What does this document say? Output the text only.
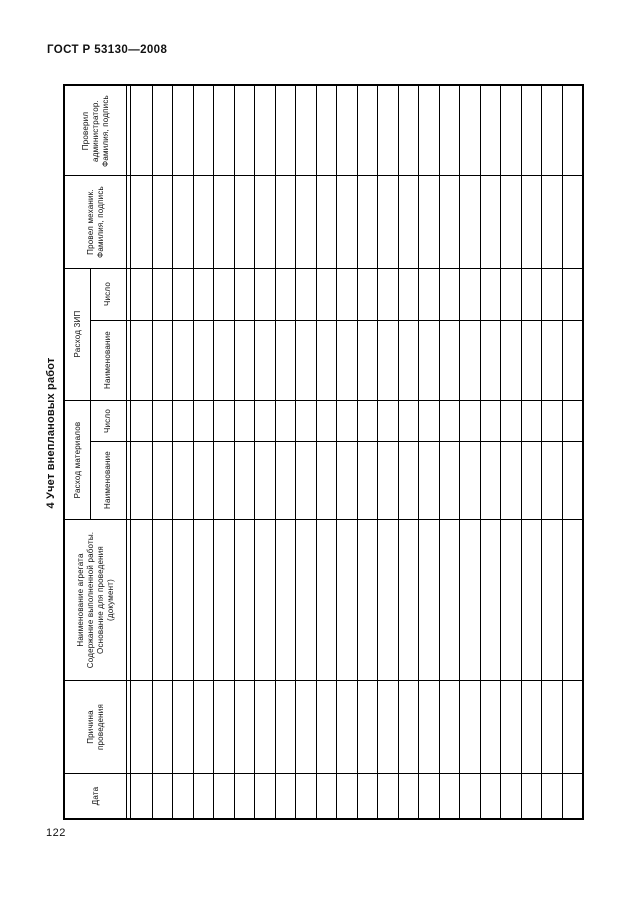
ГОСТ Р 53130—2008
4 Учет внеплановых работ
Проверил администратор. Фамилия, подпись
Провел механик. Фамилия, подпись
Расход ЗИП
Число
Наименование
Расход материалов
Число
Наименование
Наименование агрегата Содержание выполненной работы. Основание для проведения (документ)
Причина проведения
Дата
122
